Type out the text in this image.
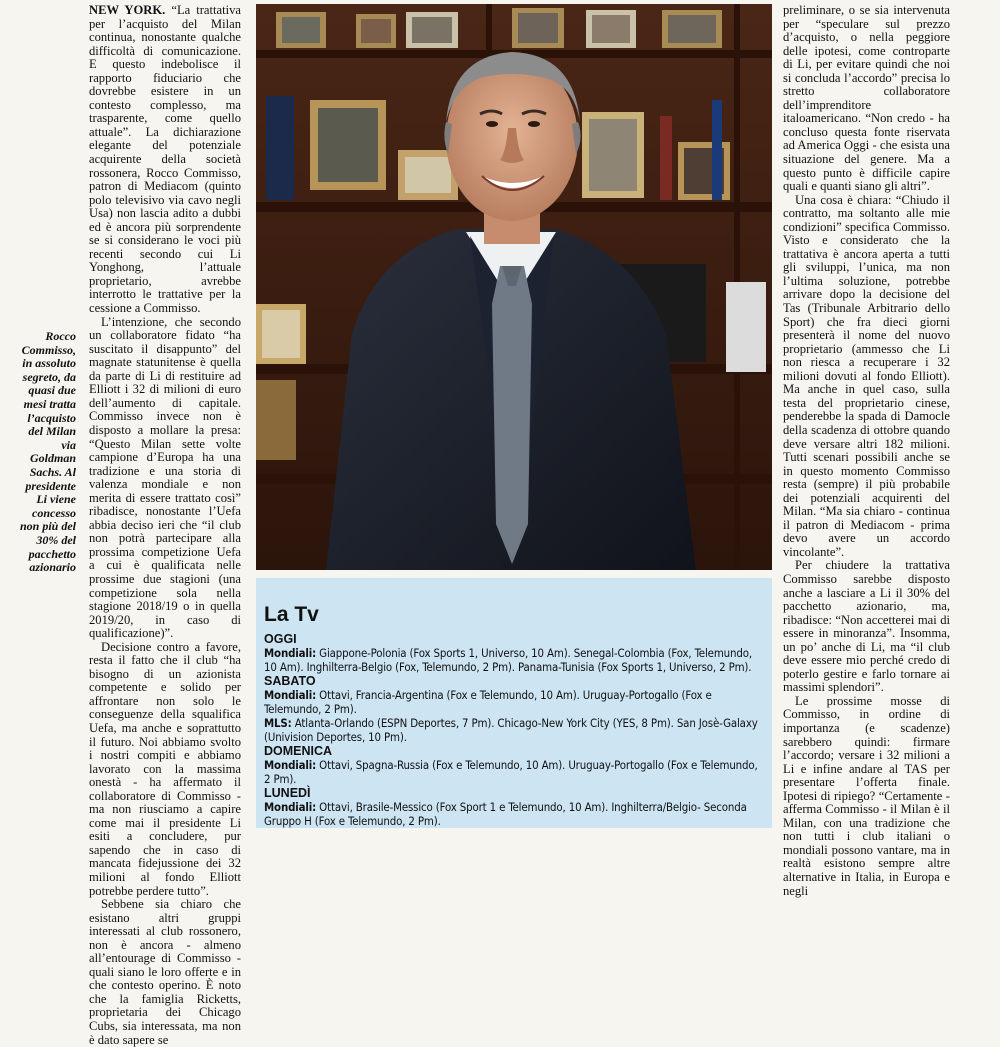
Rocco Commisso, in assoluto segreto, da quasi due mesi tratta l’acquisto del Milan via Goldman Sachs. Al presidente Li viene concesso non più del 30% del pacchetto azionario

NEW YORK. “La trattativa per l’acquisto del Milan continua, nonostante qualche difficoltà di comunicazione. E questo indebolisce il rapporto fiduciario che dovrebbe esistere in un contesto complesso, ma trasparente, come quello attuale”. La dichiarazione elegante del potenziale acquirente della società rossonera, Rocco Commisso, patron di Mediacom (quinto polo televisivo via cavo negli Usa) non lascia adito a dubbi ed è ancora più sorprendente se si considerano le voci più recenti secondo cui Li Yonghong, l’attuale proprietario, avrebbe interrotto le trattative per la cessione a Commisso.

L’intenzione, che secondo un collaboratore fidato “ha suscitato il disappunto” del magnate statunitense è quella da parte di Li di restituire ad Elliott i 32 di milioni di euro dell’aumento di capitale. Commisso invece non è disposto a mollare la presa: “Questo Milan sette volte campione d’Europa ha una tradizione e una storia di valenza mondiale e non merita di essere trattato così” ribadisce, nonostante l’Uefa abbia deciso ieri che “il club non potrà partecipare alla prossima competizione Uefa a cui è qualificata nelle prossime due stagioni (una competizione sola nella stagione 2018/19 o in quella 2019/20, in caso di qualificazione)”.

Decisione contro a favore, resta il fatto che il club “ha bisogno di un azionista competente e solido per affrontare non solo le conseguenze della squalifica Uefa, ma anche e soprattutto il futuro. Noi abbiamo svolto i nostri compiti e abbiamo lavorato con la massima onestà - ha affermato il collaboratore di Commisso - ma non riusciamo a capire come mai il presidente Li esiti a concludere, pur sapendo che in caso di mancata fidejussione dei 32 milioni al fondo Elliott potrebbe perdere tutto”.

Sebbene sia chiaro che esistano altri gruppi interessati al club rossonero, non è ancora - almeno all’entourage di Commisso - quali siano le loro offerte e in che contesto operino. È noto che la famiglia Ricketts, proprietaria dei Chicago Cubs, sia interessata, ma non è dato sapere se

La Tv
OGGI

Mondiali: Giappone-Polonia (Fox Sports 1, Universo, 10 Am). Senegal-Colombia (Fox, Telemundo, 10 Am). Inghilterra-Belgio (Fox, Telemundo, 2 Pm). Panama-Tunisia (Fox Sports 1, Universo, 2 Pm).

SABATO

Mondiali: Ottavi, Francia-Argentina (Fox e Telemundo, 10 Am). Uruguay-Portogallo (Fox e Telemundo, 2 Pm).

MLS: Atlanta-Orlando (ESPN Deportes, 7 Pm). Chicago-New York City (YES, 8 Pm). San Josè-Galaxy (Univision Deportes, 10 Pm).

DOMENICA

Mondiali: Ottavi, Spagna-Russia (Fox e Telemundo, 10 Am). Uruguay-Portogallo (Fox e Telemundo, 2 Pm).

LUNEDÌ

Mondiali: Ottavi, Brasile-Messico (Fox Sport 1 e Telemundo, 10 Am). Inghilterra/Belgio- Seconda Gruppo H (Fox e Telemundo, 2 Pm).

preliminare, o se sia intervenuta per “speculare sul prezzo d’acquisto, o nella peggiore delle ipotesi, come controparte di Li, per evitare quindi che noi si concluda l’accordo” precisa lo stretto collaboratore dell’imprenditore italoamericano. “Non credo - ha concluso questa fonte riservata ad America Oggi - che esista una situazione del genere. Ma a questo punto è difficile capire quali e quanti siano gli altri”.

Una cosa è chiara: “Chiudo il contratto, ma soltanto alle mie condizioni” specifica Commisso. Visto e considerato che la trattativa è ancora aperta a tutti gli sviluppi, l’unica, ma non l’ultima soluzione, potrebbe arrivare dopo la decisione del Tas (Tribunale Arbitrario dello Sport) che fra dieci giorni presenterà il nome del nuovo proprietario (ammesso che Li non riesca a recuperare i 32 milioni dovuti al fondo Elliott). Ma anche in quel caso, sulla testa del proprietario cinese, penderebbe la spada di Damocle della scadenza di ottobre quando deve versare altri 182 milioni. Tutti scenari possibili anche se in questo momento Commisso resta (sempre) il più probabile dei potenziali acquirenti del Milan. “Ma sia chiaro - continua il patron di Mediacom - prima devo avere un accordo vincolante”.

Per chiudere la trattativa Commisso sarebbe disposto anche a lasciare a Li il 30% del pacchetto azionario, ma, ribadisce: “Non accetterei mai di essere in minoranza”. Insomma, un po’ anche di Li, ma “il club deve essere mio perché credo di poterlo gestire e farlo tornare ai massimi splendori”.

Le prossime mosse di Commisso, in ordine di importanza (e scadenze) sarebbero quindi: firmare l’accordo; versare i 32 milioni a Li e infine andare al TAS per presentare l’offerta finale. Ipotesi di ripiego? “Certamente - afferma Commisso - il Milan è il Milan, con una tradizione che non tutti i club italiani o mondiali possono vantare, ma in realtà esistono sempre altre alternative in Italia, in Europa e negli
